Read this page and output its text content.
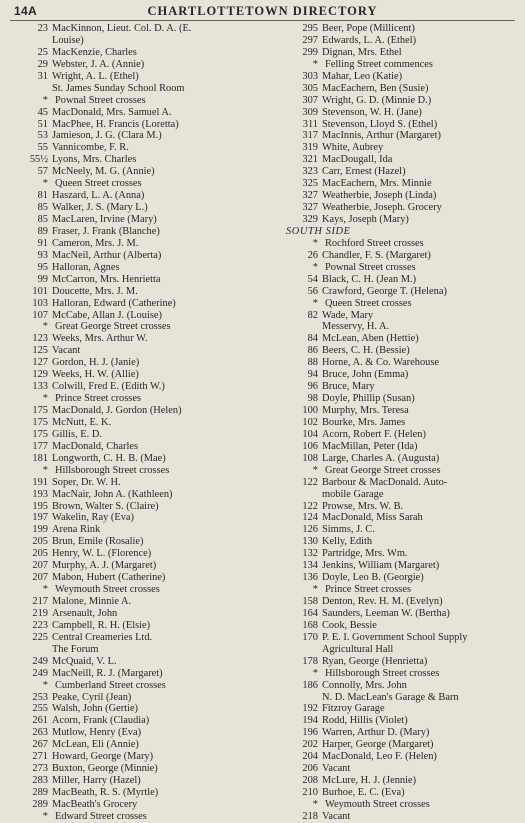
14A	CHARTLOTTETOWN DIRECTORY
23 MacKinnon, Lieut. Col. D. A. (E.
Louise)
25 MacKenzie, Charles
29 Webster, J. A. (Annie)
31 Wright, A. L. (Ethel)
St. James Sunday School Room
* Pownal Street crosses
45 MacDonald, Mrs. Samuel A.
51 MacPhee, H. Francis (Loretta)
53 Jamieson, J. G. (Clara M.)
55 Vannicombe, F. R.
55½ Lyons, Mrs. Charles
57 McNeely, M. G. (Annie)
* Queen Street crosses
81 Haszard, L. A. (Anna)
85 Walker, J. S. (Mary L.)
85 MacLaren, Irvine (Mary)
89 Fraser, J. Frank (Blanche)
91 Cameron, Mrs. J. M.
93 MacNeil, Arthur (Alberta)
95 Halloran, Agnes
99 McCarron, Mrs. Henrietta
101 Doucette, Mrs. J. M.
103 Halloran, Edward (Catherine)
107 McCabe, Allan J. (Louise)
* Great George Street crosses
123 Weeks, Mrs. Arthur W.
125 Vacant
127 Gordon, H. J. (Janie)
129 Weeks, H. W. (Allie)
133 Colwill, Fred E. (Edith W.)
* Prince Street crosses
175 MacDonald, J. Gordon (Helen)
175 McNutt, E. K.
175 Gillis, E. D.
177 MacDonald, Charles
181 Longworth, C. H. B. (Mae)
* Hillsborough Street crosses
191 Soper, Dr. W. H.
193 MacNair, John A. (Kathleen)
195 Brown, Walter S. (Claire)
197 Wakelin, Ray (Eva)
199 Arena Rink
205 Brun, Emile (Rosalie)
205 Henry, W. L. (Florence)
207 Murphy, A. J. (Margaret)
207 Mabon, Hubert (Catherine)
* Weymouth Street crosses
217 Malone, Minnie A.
219 Arsenault, John
223 Campbell, R. H. (Elsie)
225 Central Creameries Ltd.
The Forum
249 McQuaid, V. L.
249 MacNeill, R. J. (Margaret)
* Cumberland Street crosses
253 Peake, Cyril (Jean)
255 Walsh, John (Gertie)
261 Acorn, Frank (Claudia)
263 Mutlow, Henry (Eva)
267 McLean, Eli (Annie)
271 Howard, George (Mary)
273 Buxton, George (Minnie)
283 Miller, Harry (Hazel)
289 MacBeath, R. S. (Myrtle)
289 MacBeath's Grocery
* Edward Street crosses
295 Beer, Pope (Millicent)
297 Edwards, L. A. (Ethel)
299 Dignan, Mrs. Ethel
* Felling Street commences
303 Mahar, Leo (Katie)
305 MacEachern, Ben (Susie)
307 Wright, G. D. (Minnie D.)
309 Stevenson, W. H. (Jane)
311 Stevenson, Lloyd S. (Ethel)
317 MacInnis, Arthur (Margaret)
319 White, Aubrey
321 MacDougall, Ida
323 Carr, Ernest (Hazel)
325 MacEachern, Mrs. Minnie
327 Weatherbie, Joseph (Linda)
327 Weatherbie, Joseph. Grocery
329 Kays, Joseph (Mary)
SOUTH SIDE
* Rochford Street crosses
26 Chandler, F. S. (Margaret)
* Pownal Street crosses
54 Black, C. H. (Jean M.)
56 Crawford, George T. (Helena)
* Queen Street crosses
82 Wade, Mary
Messervy, H. A.
84 McLean, Aben (Hettie)
86 Beers, C. H. (Bessie)
88 Horne, A. & Co. Warehouse
94 Bruce, John (Emma)
96 Bruce, Mary
98 Doyle, Phillip (Susan)
100 Murphy, Mrs. Teresa
102 Bourke, Mrs. James
104 Acorn, Robert F. (Helen)
106 MacMillan, Peter (Ida)
108 Large, Charles A. (Augusta)
* Great George Street crosses
122 Barbour & MacDonald. Auto-
mobile Garage
122 Prowse, Mrs. W. B.
124 MacDonald, Miss Sarah
126 Simms, J. C.
130 Kelly, Edith
132 Partridge, Mrs. Wm.
134 Jenkins, William (Margaret)
136 Doyle, Leo B. (Georgie)
* Prince Street crosses
158 Denton, Rev. H. M. (Evelyn)
164 Saunders, Leeman W. (Bertha)
168 Cook, Bessie
170 P. E. I. Government School Supply
Agricultural Hall
178 Ryan, George (Henrietta)
* Hillsborough Street crosses
186 Connolly, Mrs. John
N. D. MacLean's Garage & Barn
192 Fitzroy Garage
194 Rodd, Hillis (Violet)
196 Warren, Arthur D. (Mary)
202 Harper, George (Margaret)
204 MacDonald, Leo F. (Helen)
206 Vacant
208 McLure, H. J. (Jennie)
210 Burhoe, E. C. (Eva)
* Weymouth Street crosses
218 Vacant
